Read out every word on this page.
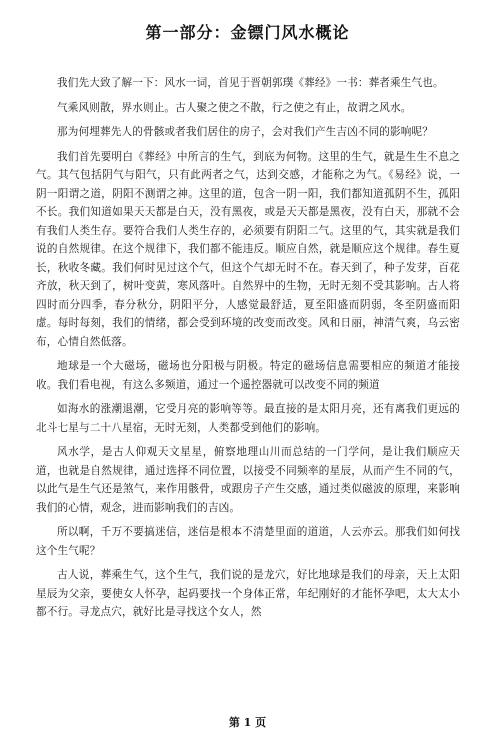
第一部分：金镖门风水概论

我们先大致了解一下：风水一词，首见于晋朝郭璞《葬经》一书：葬者乘生气也。

气乘风则散，界水则止。古人聚之使之不散，行之使之有止，故谓之风水。

那为何埋葬先人的骨骸或者我们居住的房子，会对我们产生吉凶不同的影响呢？

我们首先要明白《葬经》中所言的生气，到底为何物。这里的生气，就是生生不息之气。其气包括阴气与阳气，只有此两者之气，达到交感，才能称之为气。《易经》说，一阴一阳谓之道，阴阳不测谓之神。这里的道，包含一阴一阳，我们都知道孤阴不生，孤阳不长。我们知道如果天天都是白天，没有黑夜，或是天天都是黑夜，没有白天，那就不会有我们人类生存。要符合我们人类生存的，必须要有阴阳二气。这里的气，其实就是我们说的自然规律。在这个规律下，我们都不能违反。顺应自然，就是顺应这个规律。春生夏长，秋收冬藏。我们何时见过这个气，但这个气却无时不在。春天到了，种子发芽，百花齐放，秋天到了，树叶变黄，寒风落叶。自然界中的生物，无时无刻不受其影响。古人将四时而分四季，春分秋分，阴阳平分，人感觉最舒适，夏至阳盛而阴弱，冬至阴盛而阳虚。每时每刻，我们的情绪，都会受到环境的改变而改变。风和日丽，神清气爽，乌云密布，心情自然低落。

地球是一个大磁场，磁场也分阳极与阴极。特定的磁场信息需要相应的频道才能接收。我们看电视，有这么多频道，通过一个遥控器就可以改变不同的频道

如海水的涨潮退潮，它受月亮的影响等等。最直接的是太阳月亮，还有离我们更远的北斗七星与二十八星宿，无时无刻，人类都受到他们的影响。

风水学，是古人仰观天文星星，俯察地理山川而总结的一门学问，是让我们顺应天道，也就是自然规律，通过选择不同位置，以接受不同频率的星辰，从而产生不同的气，以此气是生气还是煞气，来作用骸骨，或跟房子产生交感，通过类似磁波的原理，来影响我们的心情，观念，进而影响我们的吉凶。

所以啊，千万不要搞迷信，迷信是根本不清楚里面的道道，人云亦云。那我们如何找这个生气呢？

古人说，葬乘生气，这个生气，我们说的是龙穴，好比地球是我们的母亲，天上太阳星辰为父亲，要使女人怀孕，起码要找一个身体正常，年纪刚好的才能怀孕吧，太大太小都不行。寻龙点穴，就好比是寻找这个女人，然

第 1 页
